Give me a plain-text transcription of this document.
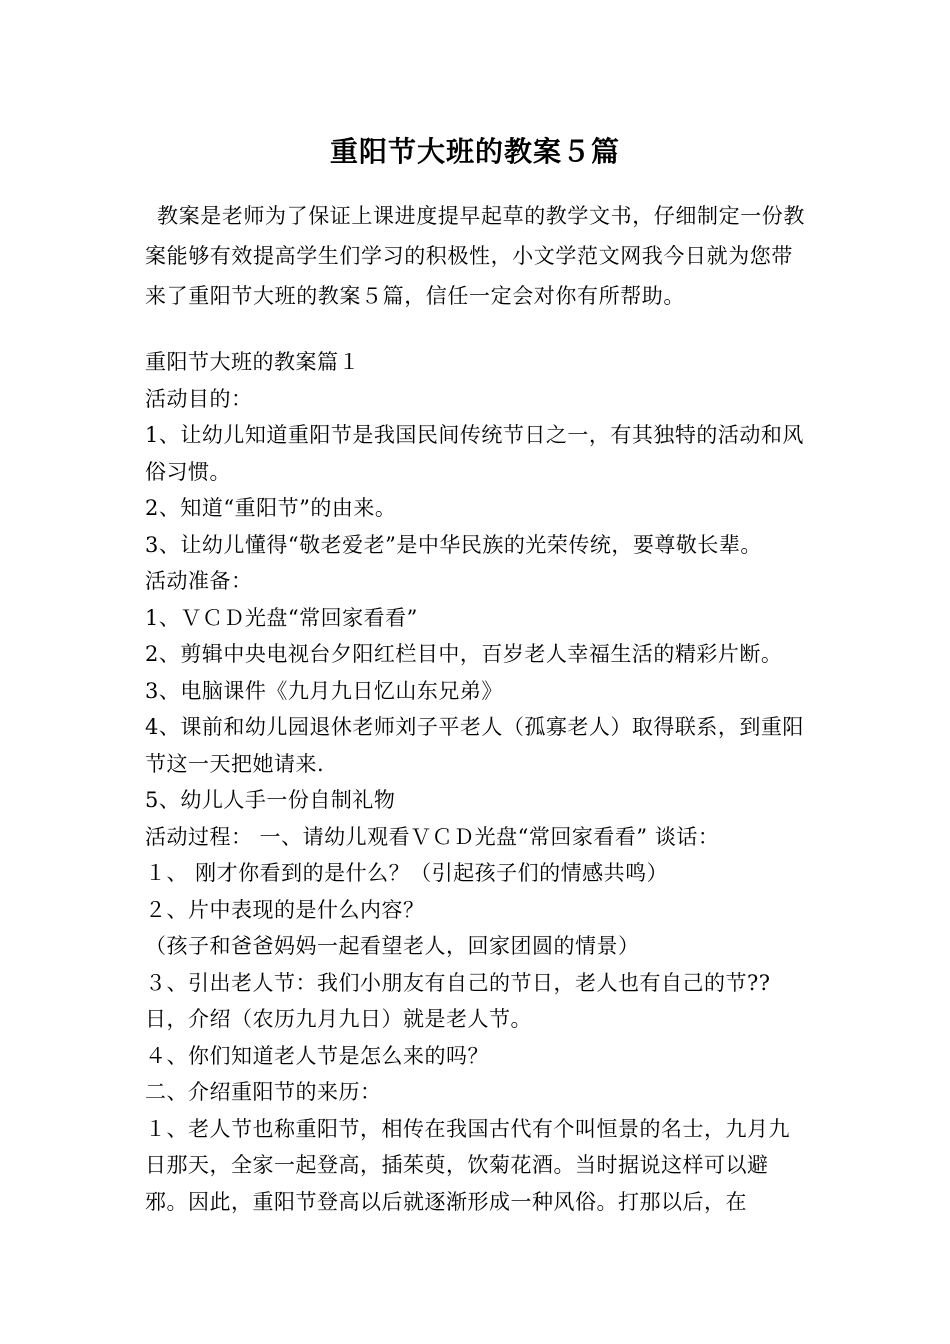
重阳节大班的教案５篇
教案是老师为了保证上课进度提早起草的教学文书，仔细制定一份教案能够有效提高学生们学习的积极性，小文学范文网我今日就为您带来了重阳节大班的教案５篇，信任一定会对你有所帮助。
重阳节大班的教案篇１
活动目的：
1、让幼儿知道重阳节是我国民间传统节日之一，有其独特的活动和风俗习惯。
2、知道“重阳节”的由来。
3、让幼儿懂得“敬老爱老”是中华民族的光荣传统，要尊敬长辈。
活动准备：
1、ＶＣＤ光盘“常回家看看”
2、剪辑中央电视台夕阳红栏目中，百岁老人幸福生活的精彩片断。
3、电脑课件《九月九日忆山东兄弟》
4、课前和幼儿园退休老师刘子平老人（孤寡老人）取得联系，到重阳节这一天把她请来.
5、幼儿人手一份自制礼物
活动过程： 一、请幼儿观看ＶＣＤ光盘“常回家看看” 谈话：
１、 刚才你看到的是什么？（引起孩子们的情感共鸣）
２、片中表现的是什么内容？
（孩子和爸爸妈妈一起看望老人，回家团圆的情景）
３、引出老人节：我们小朋友有自己的节日，老人也有自己的节??日，介绍（农历九月九日）就是老人节。
４、你们知道老人节是怎么来的吗？
二、介绍重阳节的来历：
１、老人节也称重阳节，相传在我国古代有个叫恒景的名士，九月九日那天，全家一起登高，插茱萸，饮菊花酒。当时据说这样可以避邪。因此，重阳节登高以后就逐渐形成一种风俗。打那以后，在
